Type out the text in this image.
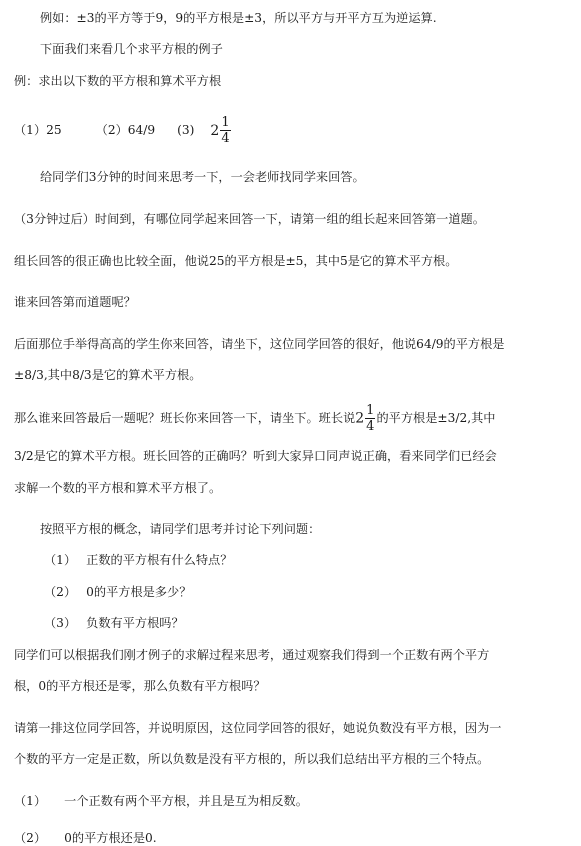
例如：±3的平方等于9，9的平方根是±3，所以平方与开平方互为逆运算.
下面我们来看几个求平方根的例子
例：求出以下数的平方根和算术平方根
（1）25	（2）64/9 (3) $2 \frac{1}{4}$
给同学们3分钟的时间来思考一下，一会老师找同学来回答。
（3分钟过后）时间到，有哪位同学起来回答一下，请第一组的组长起来回答第一道题。
组长回答的很正确也比较全面，他说25的平方根是±5，其中5是它的算术平方根。
谁来回答第而道题呢？
后面那位手举得高高的学生你来回答，请坐下，这位同学回答的很好，他说64/9的平方根是
±8/3,其中8/3是它的算术平方根。
那么谁来回答最后一题呢？班长你来回答一下，请坐下。班长说$2 \frac{1}{4}$ 的平方根是±3/2,其中
3/2是它的算术平方根。班长回答的正确吗？听到大家异口同声说正确，看来同学们已经会
求解一个数的平方根和算术平方根了。
按照平方根的概念，请同学们思考并讨论下列问题：
（1） 正数的平方根有什么特点？
（2） 0的平方根是多少？
（3） 负数有平方根吗？
同学们可以根据我们刚才例子的求解过程来思考，通过观察我们得到一个正数有两个平方
根，0的平方根还是零，那么负数有平方根吗？
请第一排这位同学回答，并说明原因，这位同学回答的很好，她说负数没有平方根，因为一
个数的平方一定是正数，所以负数是没有平方根的，所以我们总结出平方根的三个特点。
（1） 一个正数有两个平方根，并且是互为相反数。
（2） 0的平方根还是0.
